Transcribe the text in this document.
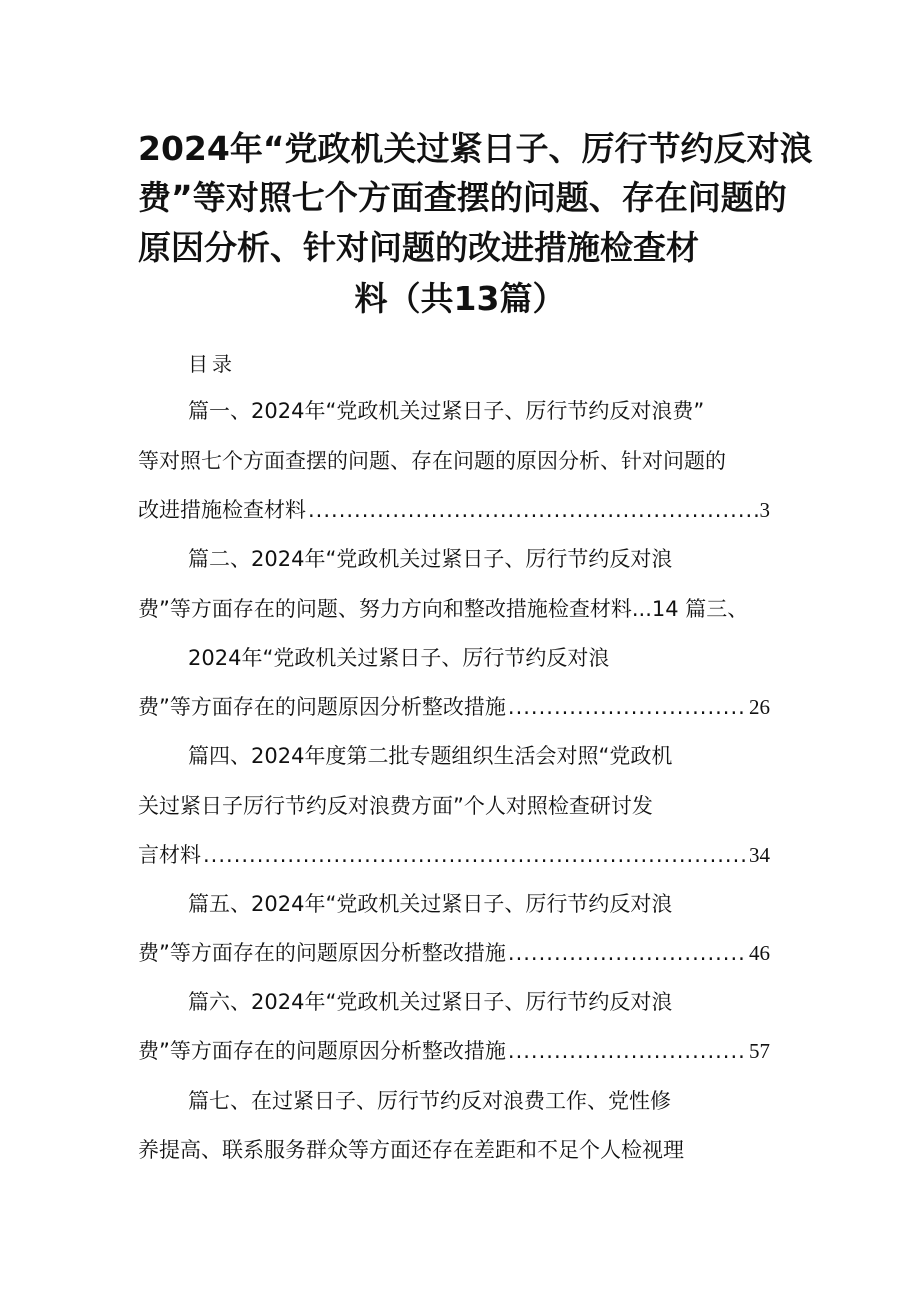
2024年“党政机关过紧日子、厉行节约反对浪
费”等对照七个方面查摆的问题、存在问题的
原因分析、针对问题的改进措施检查材
料（共13篇）
目录
篇一、2024年“党政机关过紧日子、厉行节约反对浪费”
等对照七个方面查摆的问题、存在问题的原因分析、针对问题的
改进措施检查材料 .....	3
篇二、2024年“党政机关过紧日子、厉行节约反对浪
费”等方面存在的问题、努力方向和整改措施检查材料...14 篇三、
2024年“党政机关过紧日子、厉行节约反对浪
费”等方面存在的问题原因分析整改措施 .....	26
篇四、2024年度第二批专题组织生活会对照“党政机
关过紧日子厉行节约反对浪费方面”个人对照检查研讨发
言材料 .....	34
篇五、2024年“党政机关过紧日子、厉行节约反对浪
费”等方面存在的问题原因分析整改措施 .....	46
篇六、2024年“党政机关过紧日子、厉行节约反对浪
费”等方面存在的问题原因分析整改措施 .....	57
篇七、在过紧日子、厉行节约反对浪费工作、党性修
养提高、联系服务群众等方面还存在差距和不足个人检视理
